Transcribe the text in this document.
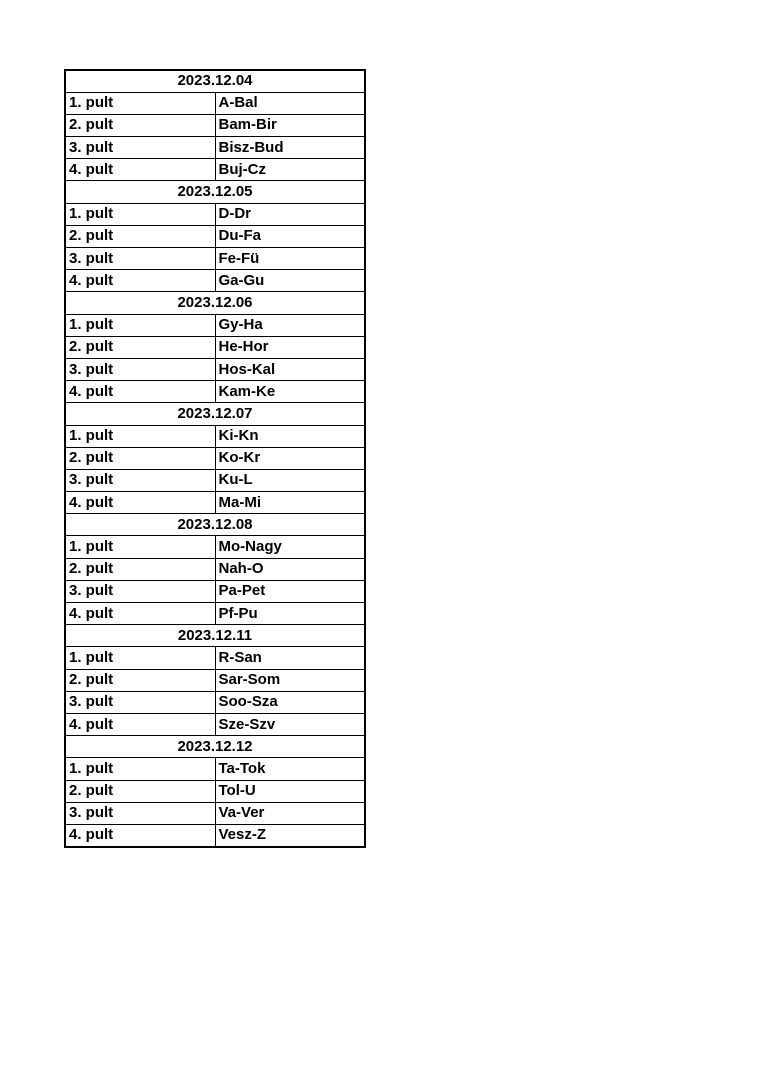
2023.12.04	
1. pult	A-Bal
2. pult	Bam-Bir
3. pult	Bisz-Bud
4. pult	Buj-Cz
2023.12.05	
1. pult	D-Dr
2. pult	Du-Fa
3. pult	Fe-Fü
4. pult	Ga-Gu
2023.12.06	
1. pult	Gy-Ha
2. pult	He-Hor
3. pult	Hos-Kal
4. pult	Kam-Ke
2023.12.07	
1. pult	Ki-Kn
2. pult	Ko-Kr
3. pult	Ku-L
4. pult	Ma-Mi
2023.12.08	
1. pult	Mo-Nagy
2. pult	Nah-O
3. pult	Pa-Pet
4. pult	Pf-Pu
2023.12.11	
1. pult	R-San
2. pult	Sar-Som
3. pult	Soo-Sza
4. pult	Sze-Szv
2023.12.12	
1. pult	Ta-Tok
2. pult	Tol-U
3. pult	Va-Ver
4. pult	Vesz-Z
